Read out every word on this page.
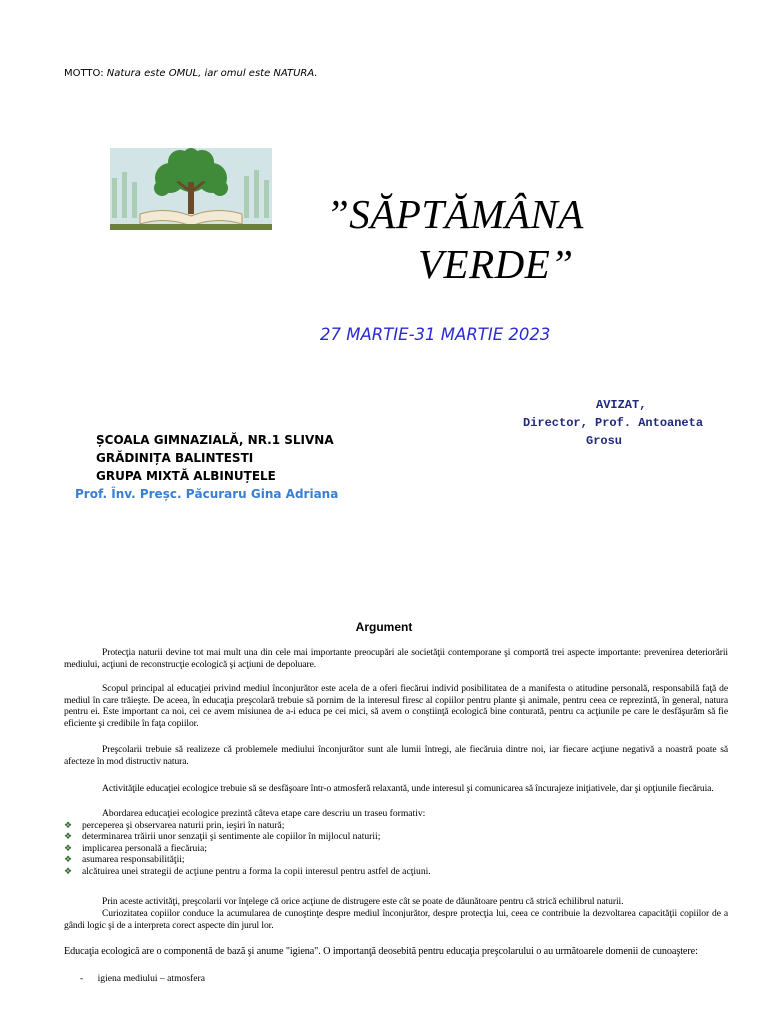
MOTTO: Natura este OMUL, iar omul este NATURA.
”SĂPTĂMÂNA
VERDE”
27 MARTIE-31 MARTIE 2023
AVIZAT,
Director, Prof. Antoaneta
Grosu
ȘCOALA GIMNAZIALĂ, NR.1 SLIVNA
GRĂDINIȚA BALINTESTI
GRUPA MIXTĂ ALBINUȚELE
Prof. Înv. Preșc. Păcuraru Gina Adriana
Argument
Protecţia naturii devine tot mai mult una din cele mai importante preocupări ale societăţii contemporane şi comportă trei aspecte importante: prevenirea deteriorării mediului, acţiuni de reconstrucţie ecologică şi acţiuni de depoluare.
Scopul principal al educaţiei privind mediul înconjurător este acela de a oferi fiecărui individ posibilitatea de a manifesta o atitudine personală, responsabilă faţă de mediul în care trăieşte. De aceea, în educaţia preşcolară trebuie să pornim de la interesul firesc al copiilor pentru plante şi animale, pentru ceea ce reprezintă, în general, natura pentru ei. Este important ca noi, cei ce avem misiunea de a-i educa pe cei mici, să avem o conştiinţă ecologică bine conturată, pentru ca acţiunile pe care le desfăşurăm să fie eficiente şi credibile în faţa copiilor.
Preşcolarii trebuie să realizeze că problemele mediului înconjurător sunt ale lumii întregi, ale fiecăruia dintre noi, iar fiecare acţiune negativă a noastră poate să afecteze în mod distructiv natura.
Activităţile educaţiei ecologice trebuie să se desfăşoare într-o atmosferă relaxantă, unde interesul şi comunicarea să încurajeze iniţiativele, dar şi opţiunile fiecăruia.
Abordarea educaţiei ecologice prezintă câteva etape care descriu un traseu formativ:
❖ perceperea şi observarea naturii prin, ieşiri în natură;
❖ determinarea trăirii unor senzaţii şi sentimente ale copiilor în mijlocul naturii;
❖ implicarea personală a fiecăruia;
❖ asumarea responsabilităţii;
❖ alcătuirea unei strategii de acţiune pentru a forma la copii interesul pentru astfel de acţiuni.
Prin aceste activităţi, preşcolarii vor înţelege că orice acţiune de distrugere este cât se poate de dăunătoare pentru că strică echilibrul naturii.
Curiozitatea copiilor conduce la acumularea de cunoştinţe despre mediul înconjurător, despre protecţia lui, ceea ce contribuie la dezvoltarea capacităţii copiilor de a gândi logic şi de a interpreta corect aspecte din jurul lor.
Educaţia ecologică are o componentă de bază şi anume "igiena". O importanţă deosebită pentru educaţia preşcolarului o au următoarele domenii de cunoaştere:
- igiena mediului – atmosfera
